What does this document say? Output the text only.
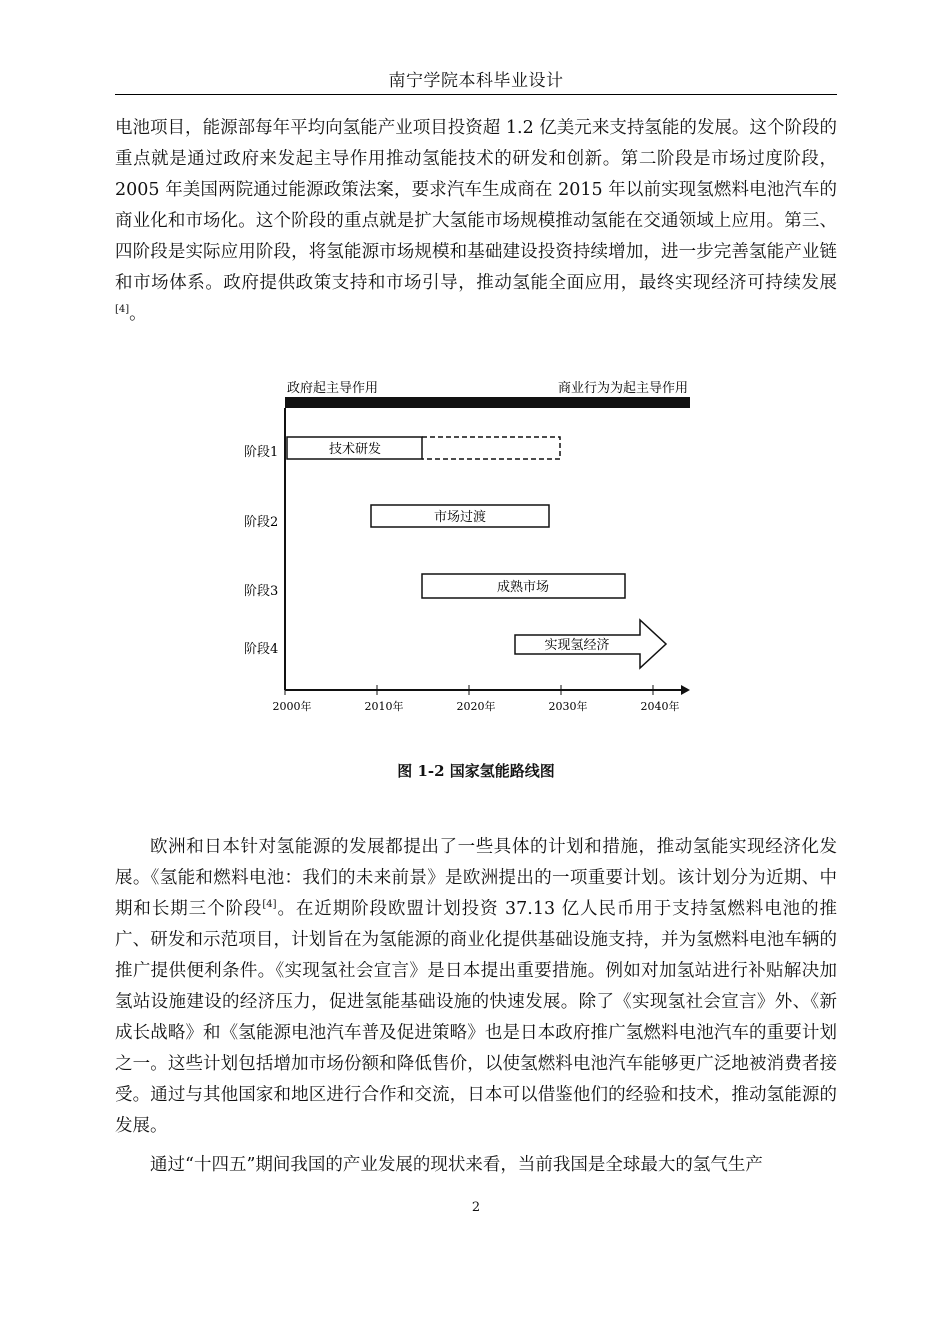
南宁学院本科毕业设计

电池项目，能源部每年平均向氢能产业项目投资超 1.2 亿美元来支持氢能的发展。这个阶段的重点就是通过政府来发起主导作用推动氢能技术的研发和创新。第二阶段是市场过度阶段，2005 年美国两院通过能源政策法案，要求汽车生成商在 2015 年以前实现氢燃料电池汽车的商业化和市场化。这个阶段的重点就是扩大氢能市场规模推动氢能在交通领域上应用。第三、四阶段是实际应用阶段，将氢能源市场规模和基础建设投资持续增加，进一步完善氢能产业链和市场体系。政府提供政策支持和市场引导，推动氢能全面应用，最终实现经济可持续发展[4]。

政府起主导作用	商业行为为起主导作用
阶段1
阶段2
阶段3
阶段4
技术研发
市场过渡
成熟市场
实现氢经济
2000年	2010年	2020年	2030年	2040年
图 1-2 国家氢能路线图

欧洲和日本针对氢能源的发展都提出了一些具体的计划和措施，推动氢能实现经济化发展。《氢能和燃料电池：我们的未来前景》是欧洲提出的一项重要计划。该计划分为近期、中期和长期三个阶段[4]。在近期阶段欧盟计划投资 37.13 亿人民币用于支持氢燃料电池的推广、研发和示范项目，计划旨在为氢能源的商业化提供基础设施支持，并为氢燃料电池车辆的推广提供便利条件。《实现氢社会宣言》是日本提出重要措施。例如对加氢站进行补贴解决加氢站设施建设的经济压力，促进氢能基础设施的快速发展。除了《实现氢社会宣言》外、《新成长战略》和《氢能源电池汽车普及促进策略》也是日本政府推广氢燃料电池汽车的重要计划之一。这些计划包括增加市场份额和降低售价，以使氢燃料电池汽车能够更广泛地被消费者接受。通过与其他国家和地区进行合作和交流，日本可以借鉴他们的经验和技术，推动氢能源的发展。

通过“十四五”期间我国的产业发展的现状来看，当前我国是全球最大的氢气生产

2
